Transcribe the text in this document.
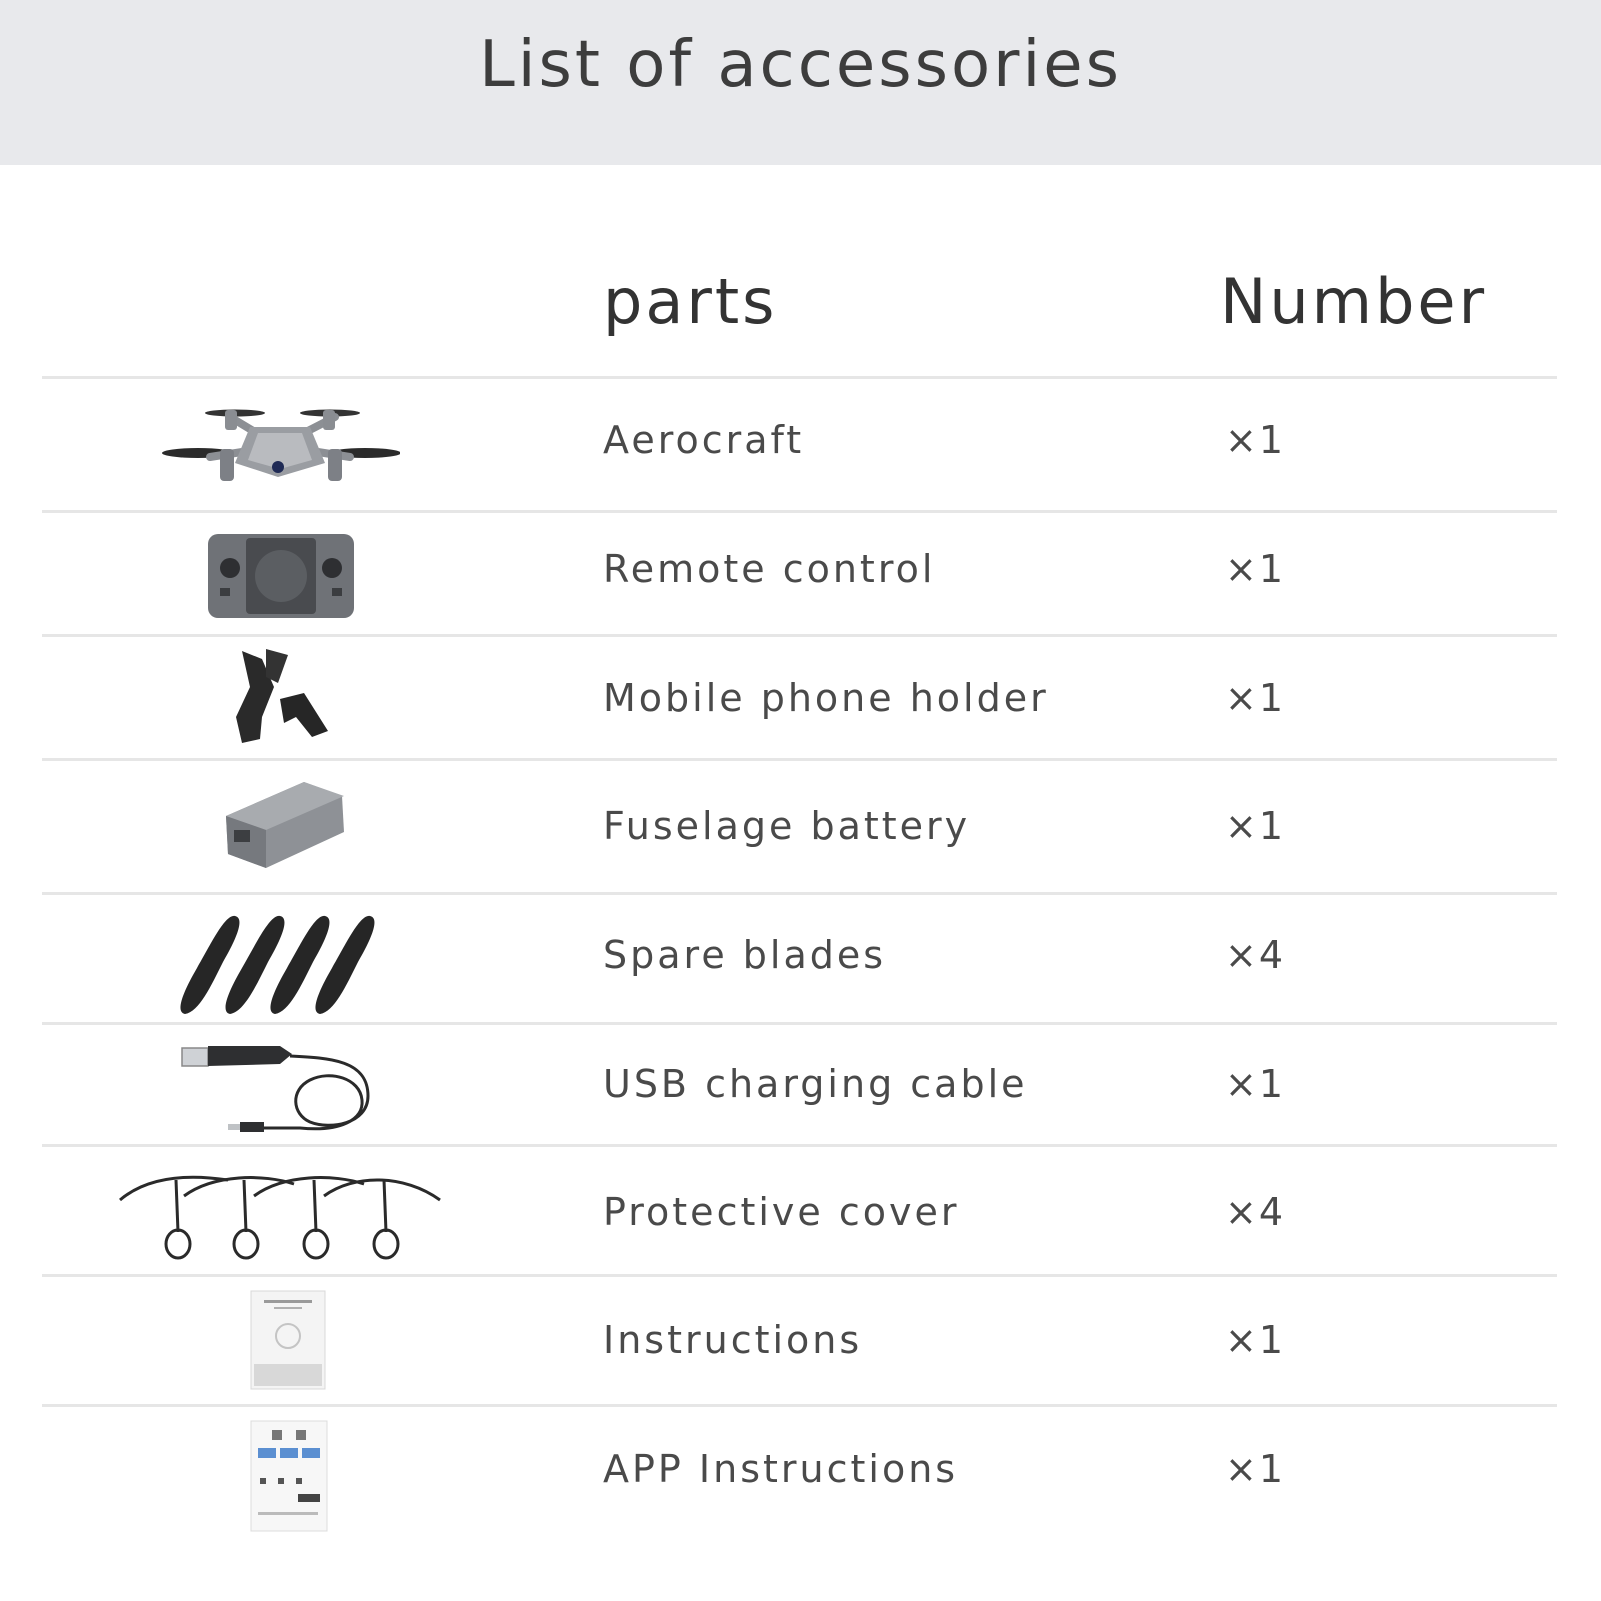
List of accessories
parts	Number
Aerocraft	×1
Remote control	×1
Mobile phone holder	×1
Fuselage battery	×1
Spare blades	×4
USB charging cable	×1
Protective cover	×4
Instructions	×1
APP Instructions	×1
